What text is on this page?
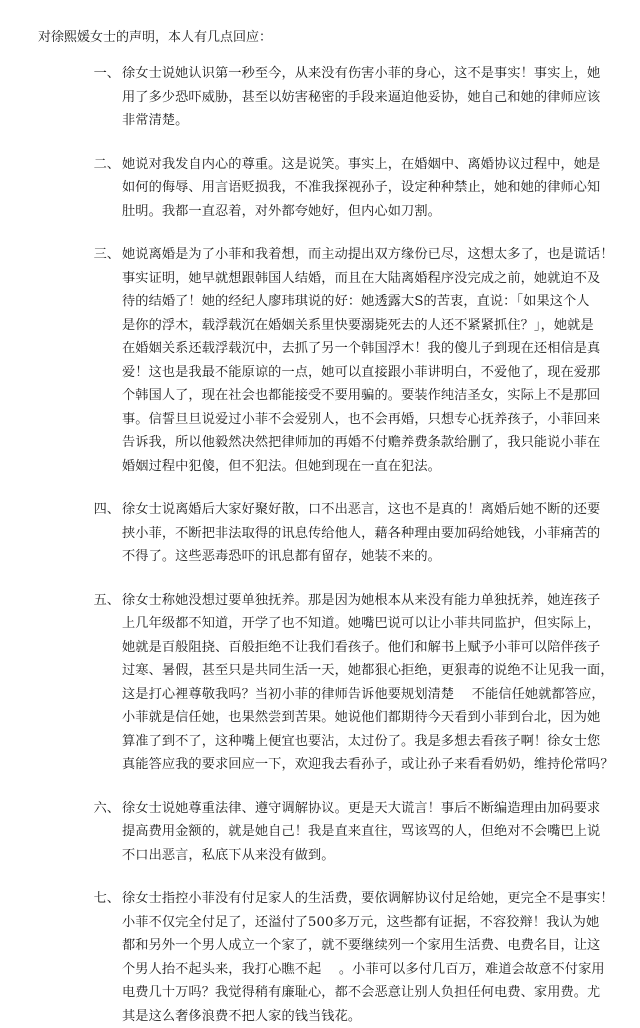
对徐熙媛女士的声明，本人有几点回应：

一、 徐女士说她认识第一秒至今，从来没有伤害小菲的身心，这不是事实！事实上，她
用了多少恐吓威胁，甚至以妨害秘密的手段来逼迫他妥协，她自己和她的律师应该
非常清楚。
二、 她说对我发自内心的尊重。这是说笑。事实上，在婚姻中、离婚协议过程中，她是
如何的侮辱、用言语贬损我，不准我探视孙子，设定种种禁止，她和她的律师心知
肚明。我都一直忍着，对外都夸她好，但内心如刀割。
三、 她说离婚是为了小菲和我着想，而主动提出双方缘份已尽，这想太多了，也是谎话！
事实证明，她早就想跟韩国人结婚，而且在大陆离婚程序没完成之前，她就迫不及
待的结婚了！她的经纪人廖玮琪说的好：她透露大S的苦衷，直说：「如果这个人
是你的浮木，载浮载沉在婚姻关系里快要溺毙死去的人还不紧紧抓住？」，她就是
在婚姻关系还载浮载沉中，去抓了另一个韩国浮木！我的傻儿子到现在还相信是真
爱！这也是我最不能原谅的一点，她可以直接跟小菲讲明白，不爱他了，现在爱那
个韩国人了，现在社会也都能接受不要用骗的。要装作纯洁圣女，实际上不是那回
事。信誓旦旦说爱过小菲不会爱别人，也不会再婚，只想专心抚养孩子，小菲回来
告诉我，所以他毅然决然把律师加的再婚不付赡养费条款给删了，我只能说小菲在
婚姻过程中犯傻，但不犯法。但她到现在一直在犯法。
四、 徐女士说离婚后大家好聚好散，口不出恶言，这也不是真的！离婚后她不断的还要
挟小菲，不断把非法取得的讯息传给他人，藉各种理由要加码给她钱，小菲痛苦的
不得了。这些恶毒恐吓的讯息都有留存，她装不来的。
五、 徐女士称她没想过要单独抚养。那是因为她根本从来没有能力单独抚养，她连孩子
上几年级都不知道，开学了也不知道。她嘴巴说可以让小菲共同监护，但实际上，
她就是百般阻挠、百般拒绝不让我们看孩子。他们和解书上赋予小菲可以陪伴孩子
过寒、暑假，甚至只是共同生活一天，她都狠心拒绝，更狠毒的说绝不让见我一面，
这是打心裡尊敬我吗？当初小菲的律师告诉他要规划清楚　 不能信任她就都答应，
小菲就是信任她，也果然尝到苦果。她说他们都期待今天看到小菲到台北，因为她
算准了到不了，这种嘴上便宜也要沾，太过份了。我是多想去看孩子啊！徐女士您
真能答应我的要求回应一下，欢迎我去看孙子，或让孙子来看看奶奶，维持伦常吗？
六、 徐女士说她尊重法律、遵守调解协议。更是天大谎言！事后不断编造理由加码要求
提高费用金额的，就是她自己！我是直来直往，骂该骂的人，但绝对不会嘴巴上说
不口出恶言，私底下从来没有做到。
七、 徐女士指控小菲没有付足家人的生活费，要依调解协议付足给她，更完全不是事实！
小菲不仅完全付足了，还溢付了500多万元，这些都有证据，不容狡辩！我认为她
都和另外一个男人成立一个家了，就不要继续列一个家用生活费、电费名目，让这
个男人抬不起头来，我打心瞧不起　 。小菲可以多付几百万，难道会故意不付家用
电费几十万吗？我觉得稍有廉耻心，都不会恶意让别人负担任何电费、家用费。尤
其是这么奢侈浪费不把人家的钱当钱花。
